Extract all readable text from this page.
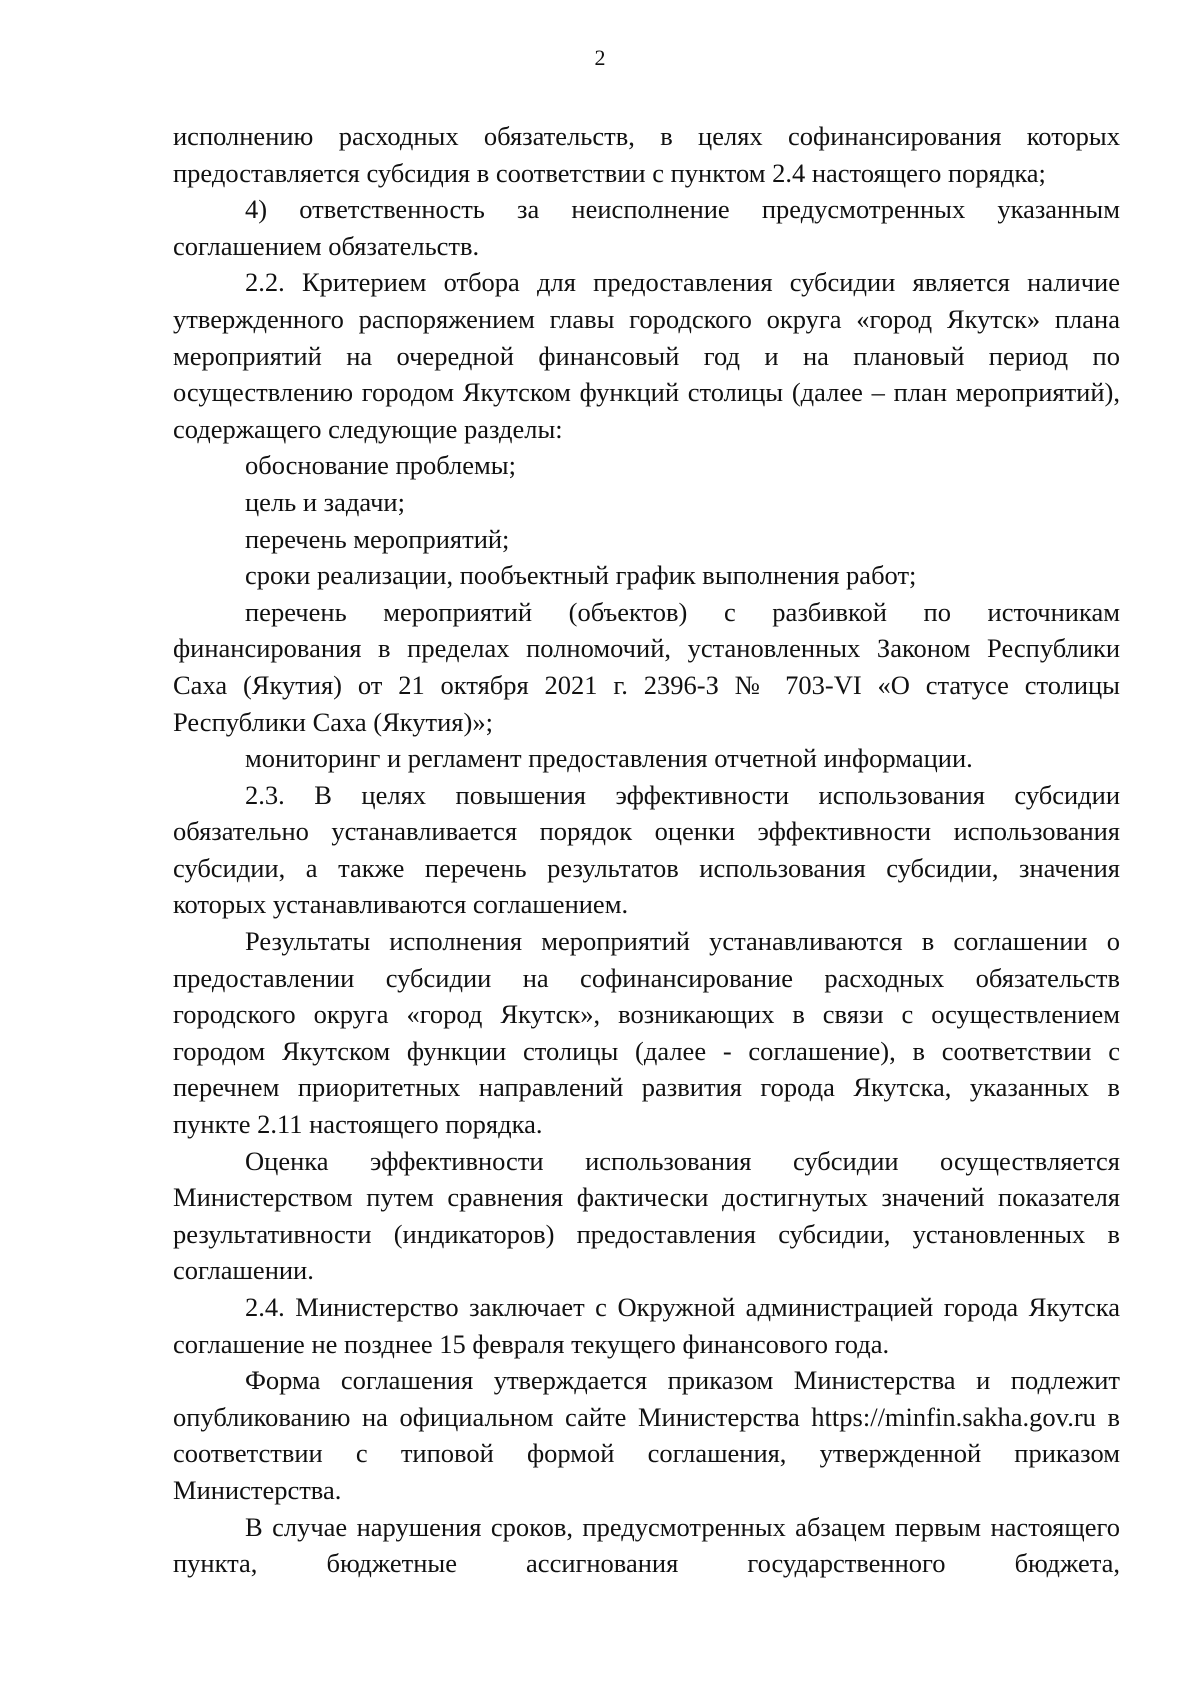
2

исполнению расходных обязательств, в целях софинансирования которых предоставляется субсидия в соответствии с пунктом 2.4 настоящего порядка;

4) ответственность за неисполнение предусмотренных указанным соглашением обязательств.

2.2. Критерием отбора для предоставления субсидии является наличие утвержденного распоряжением главы городского округа «город Якутск» плана мероприятий на очередной финансовый год и на плановый период по осуществлению городом Якутском функций столицы (далее – план мероприятий), содержащего следующие разделы:

обоснование проблемы;

цель и задачи;

перечень мероприятий;

сроки реализации, пообъектный график выполнения работ;

перечень мероприятий (объектов) с разбивкой по источникам финансирования в пределах полномочий, установленных Законом Республики Саха (Якутия) от 21 октября 2021 г. 2396-З № 703-VI «О статусе столицы Республики Саха (Якутия)»;

мониторинг и регламент предоставления отчетной информации.

2.3. В целях повышения эффективности использования субсидии обязательно устанавливается порядок оценки эффективности использования субсидии, а также перечень результатов использования субсидии, значения которых устанавливаются соглашением.

Результаты исполнения мероприятий устанавливаются в соглашении о предоставлении субсидии на софинансирование расходных обязательств городского округа «город Якутск», возникающих в связи с осуществлением городом Якутском функции столицы (далее - соглашение), в соответствии с перечнем приоритетных направлений развития города Якутска, указанных в пункте 2.11 настоящего порядка.

Оценка эффективности использования субсидии осуществляется Министерством путем сравнения фактически достигнутых значений показателя результативности (индикаторов) предоставления субсидии, установленных в соглашении.

2.4. Министерство заключает с Окружной администрацией города Якутска соглашение не позднее 15 февраля текущего финансового года.

Форма соглашения утверждается приказом Министерства и подлежит опубликованию на официальном сайте Министерства https://minfin.sakha.gov.ru в соответствии с типовой формой соглашения, утвержденной приказом Министерства.

В случае нарушения сроков, предусмотренных абзацем первым настоящего пункта, бюджетные ассигнования государственного бюджета,
